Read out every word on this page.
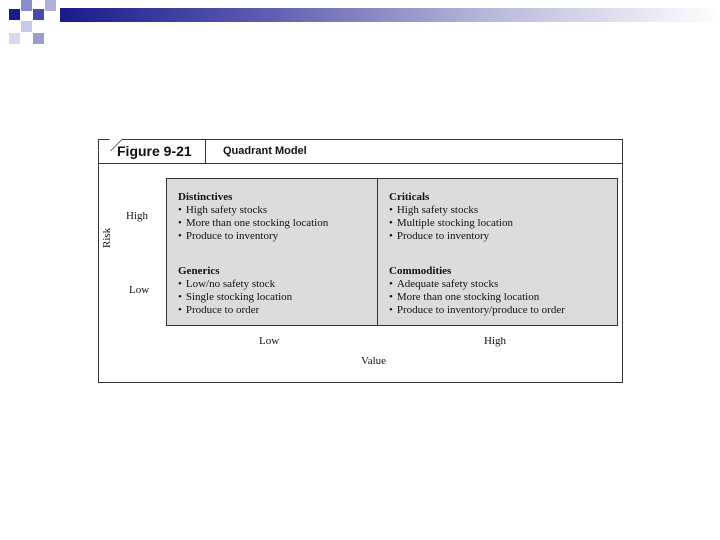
Figure 9-21	Quadrant Model
High
Low
Risk
Distinctives
• High safety stocks
• More than one stocking location
• Produce to inventory
Criticals
• High safety stocks
• Multiple stocking location
• Produce to inventory
Generics
• Low/no safety stock
• Single stocking location
• Produce to order
Commodities
• Adequate safety stocks
• More than one stocking location
• Produce to inventory/produce to order
Low	High
Value
